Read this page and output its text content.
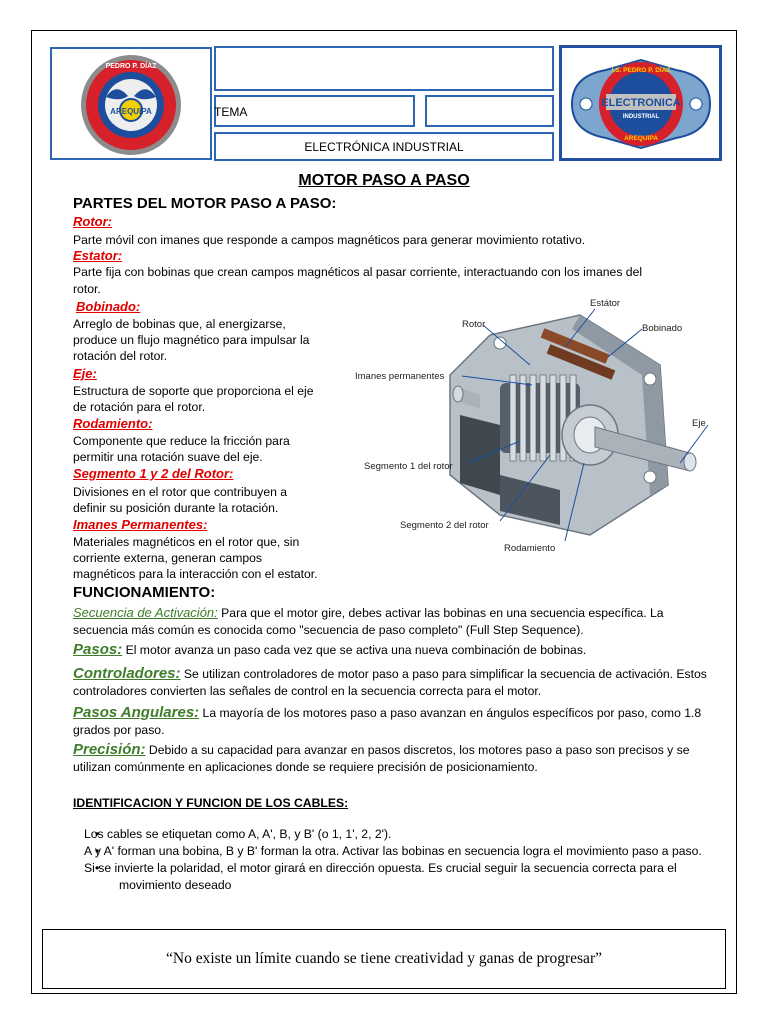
AREQUIPA
PEDRO P. DÍAZ
TEMA
ELECTRÓNICA INDUSTRIAL
ELECTRONICA
INDUSTRIAL
I.S. PEDRO P. DÍAZ
AREQUIPA
MOTOR PASO A PASO
PARTES DEL MOTOR PASO A PASO:
Rotor:
Parte móvil con imanes que responde a campos magnéticos para generar movimiento rotativo.
Estator:
Parte fija con bobinas que crean campos magnéticos al pasar corriente, interactuando con los imanes del
rotor.
Bobinado:
Arreglo de bobinas que, al energizarse,
produce un flujo magnético para impulsar la
rotación del rotor.
Eje:
Estructura de soporte que proporciona el eje
de rotación para el rotor.
Rodamiento:
Componente que reduce la fricción para
permitir una rotación suave del eje.
Segmento 1 y 2 del Rotor:
Divisiones en el rotor que contribuyen a
definir su posición durante la rotación.
Imanes Permanentes:
Materiales magnéticos en el rotor que, sin
corriente externa, generan campos
magnéticos para la interacción con el estator.
Estátor
Rotor	Bobinado
Imanes permanentes
Eje
Segmento 1 del rotor
Segmento 2 del rotor
Rodamiento
FUNCIONAMIENTO:
Secuencia de Activación: Para que el motor gire, debes activar las bobinas en una secuencia específica. La secuencia más común es conocida como "secuencia de paso completo" (Full Step Sequence).
Pasos: El motor avanza un paso cada vez que se activa una nueva combinación de bobinas.
Controladores: Se utilizan controladores de motor paso a paso para simplificar la secuencia de activación. Estos controladores convierten las señales de control en la secuencia correcta para el motor.
Pasos Angulares: La mayoría de los motores paso a paso avanzan en ángulos específicos por paso, como 1.8 grados por paso.
Precisión: Debido a su capacidad para avanzar en pasos discretos, los motores paso a paso son precisos y se utilizan comúnmente en aplicaciones donde se requiere precisión de posicionamiento.
IDENTIFICACION Y FUNCION DE LOS CABLES:
• Los cables se etiquetan como A, A', B, y B' (o 1, 1', 2, 2').
• A y A' forman una bobina, B y B' forman la otra. Activar las bobinas en secuencia logra el movimiento paso a paso.
• Si se invierte la polaridad, el motor girará en dirección opuesta. Es crucial seguir la secuencia correcta para el movimiento deseado
“No existe un límite cuando se tiene creatividad y ganas de progresar”
